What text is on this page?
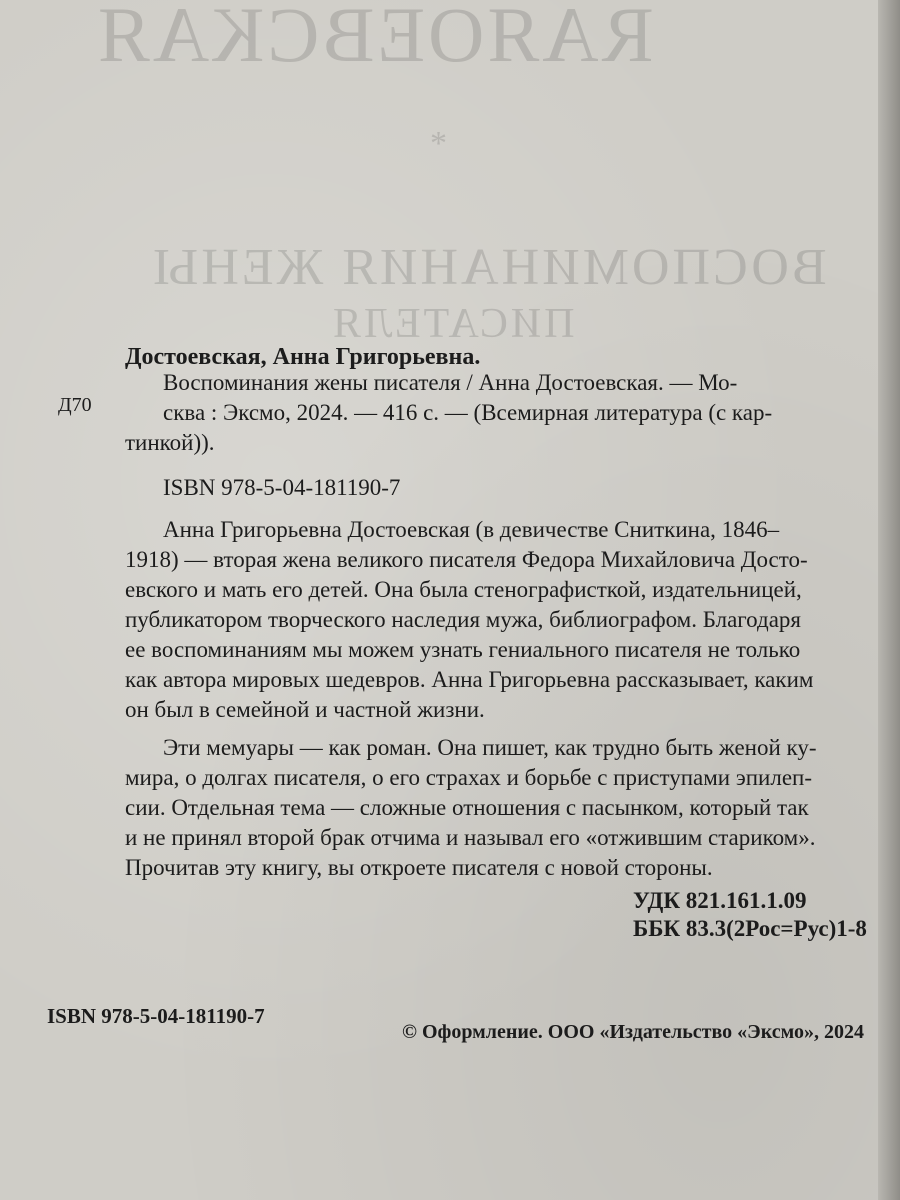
RAЯОЕВСКАЯ
*
ВОСПОМИНАНИЯ ЖЕНЫ
ПИСАТЕЛЯ
Д70
Достоевская, Анна Григорьевна.
Воспоминания жены писателя / Анна Достоевская. — Мо-
сква : Эксмо, 2024. — 416 с. — (Всемирная литература (с кар-
тинкой)).
ISBN 978-5-04-181190-7
Анна Григорьевна Достоевская (в девичестве Сниткина, 1846–
1918) — вторая жена великого писателя Федора Михайловича Досто-
евского и мать его детей. Она была стенографисткой, издательницей,
публикатором творческого наследия мужа, библиографом. Благодаря
ее воспоминаниям мы можем узнать гениального писателя не только
как автора мировых шедевров. Анна Григорьевна рассказывает, каким
он был в семейной и частной жизни.
Эти мемуары — как роман. Она пишет, как трудно быть женой ку-
мира, о долгах писателя, о его страхах и борьбе с приступами эпилеп-
сии. Отдельная тема — сложные отношения с пасынком, который так
и не принял второй брак отчима и называл его «отжившим стариком».
Прочитав эту книгу, вы откроете писателя с новой стороны.
УДК 821.161.1.09
ББК 83.3(2Рос=Рус)1-8
ISBN 978-5-04-181190-7
© Оформление. ООО «Издательство «Эксмо», 2024
